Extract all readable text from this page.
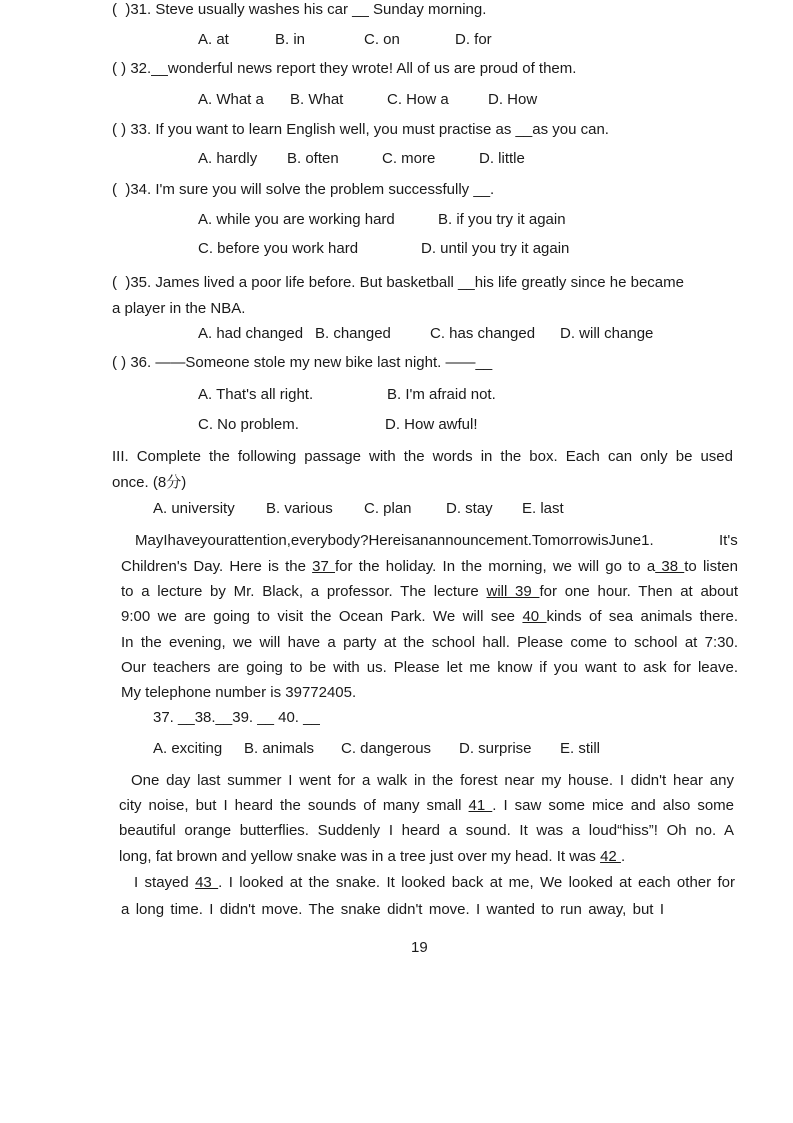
( )31. Steve usually washes his car __ Sunday morning.
A. at	B. in	C. on	D. for
( ) 32.__wonderful news report they wrote! All of us are proud of them.
A. What a B. What	C. How a	D. How
( ) 33. If you want to learn English well, you must practise as __as you can.
A. hardly B. often	C. more	D. little
( )34. I'm sure you will solve the problem successfully __.
A. while you are working hard	B. if you try it again
C. before you work hard	D. until you try it again
( )35. James lived a poor life before. But basketball __his life greatly since he became
a player in the NBA.
A. had changed B. changed	C. has changed D. will change
( ) 36. ——Someone stole my new bike last night. ——__
A. That's all right.	B. I'm afraid not.
C. No problem.	D. How awful!
III. Complete the following passage with the words in the box. Each can only be used
once. (8分)
A. university B. various C. plan D. stay E. last
MayIhaveyourattention,everybody?Hereisanannouncement.TomorrowisJune1.	It's
Children's Day. Here is the 37 for the holiday. In the morning, we will go to a 38 to listen
to a lecture by Mr. Black, a professor. The lecture will 39 for one hour. Then at about
9:00 we are going to visit the Ocean Park. We will see 40 kinds of sea animals there.
In the evening, we will have a party at the school hall. Please come to school at 7:30.
Our teachers are going to be with us. Please let me know if you want to ask for leave.
My telephone number is 39772405.
37. __38.__39. __ 40. __
A. exciting B. animals C. dangerous D. surprise E. still
One day last summer I went for a walk in the forest near my house. I didn't hear any
city noise, but I heard the sounds of many small 41 . I saw some mice and also some
beautiful orange butterflies. Suddenly I heard a sound. It was a loud“hiss”! Oh no. A
long, fat brown and yellow snake was in a tree just over my head. It was 42 .
I stayed 43 . I looked at the snake. It looked back at me, We looked at each other for
a long time. I didn't move. The snake didn't move. I wanted to run away, but I
19
